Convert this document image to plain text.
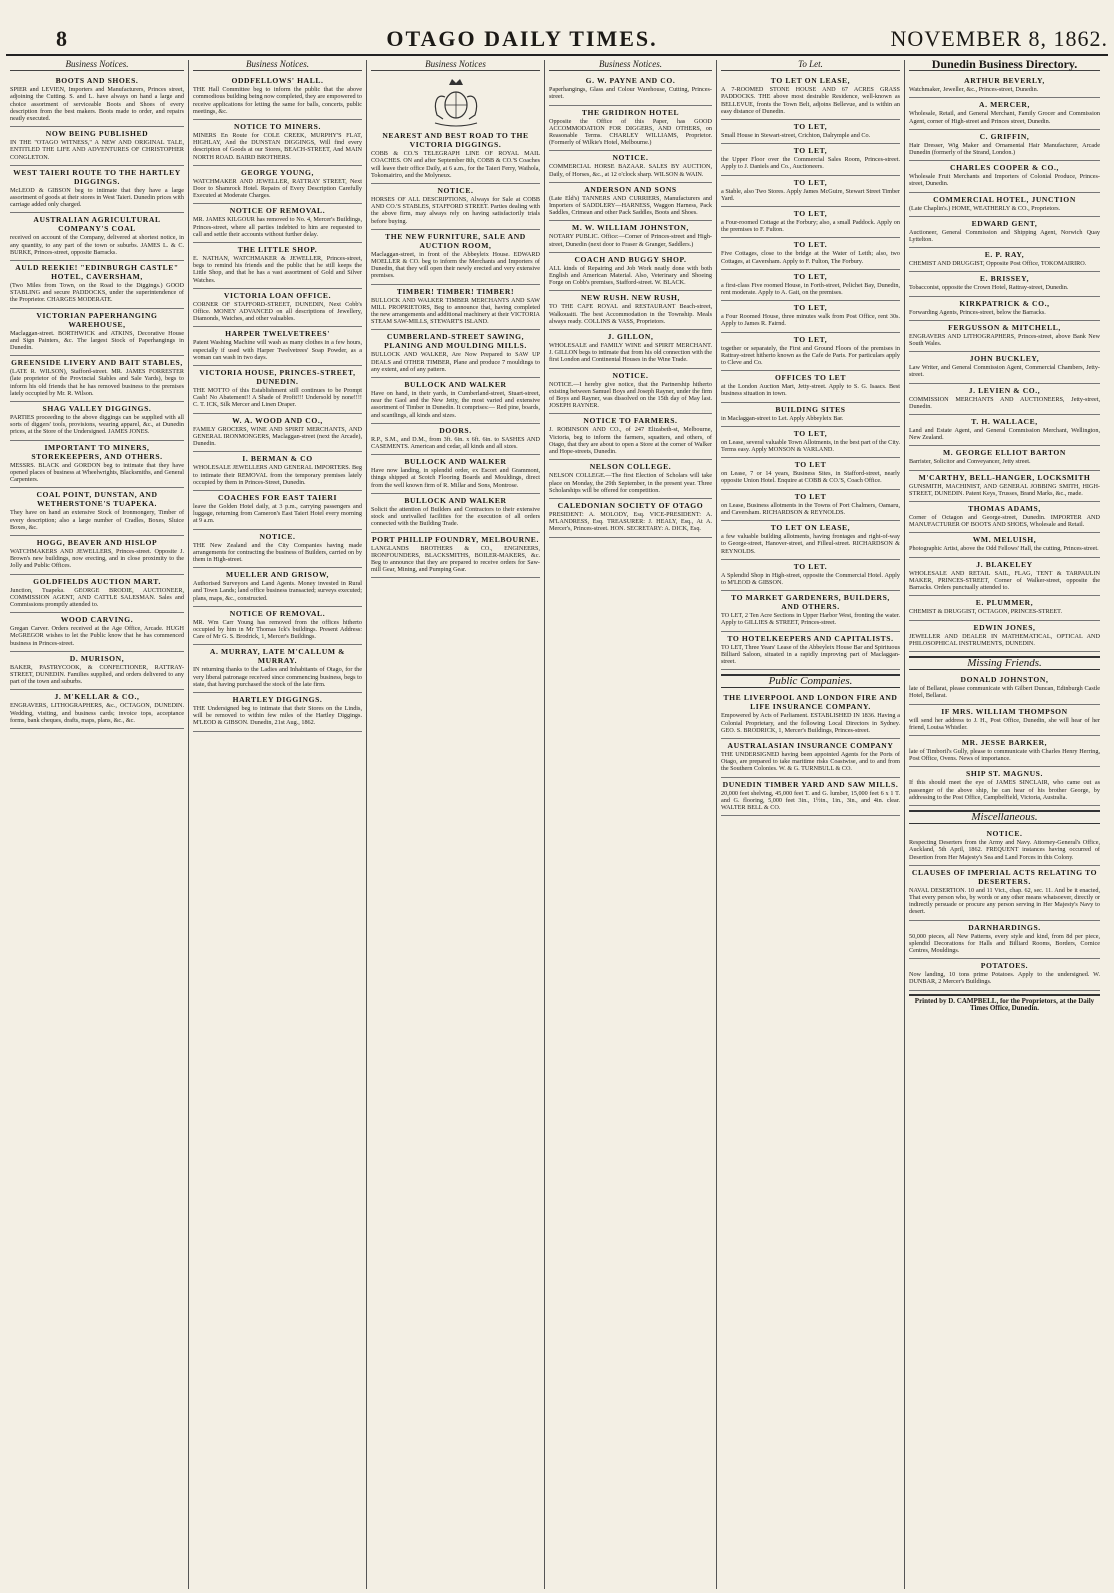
8	OTAGO DAILY TIMES.	NOVEMBER 8, 1862.
Business Notices.
BOOTS AND SHOES.
SPIER and LEVIEN, Importers and Manufacturers, Princes street, adjoining the Cutting. S. and L. have always on hand a large and choice assortment of serviceable Boots and Shoes of every description from the best makers. Boots made to order, and repairs neatly executed.
NOW BEING PUBLISHED
IN THE "OTAGO WITNESS," A NEW AND ORIGINAL TALE, ENTITLED THE LIFE AND ADVENTURES OF CHRISTOPHER CONGLETON.
WEST TAIERI ROUTE TO THE HARTLEY DIGGINGS.
McLEOD & GIBSON beg to intimate that they have a large assortment of goods at their stores in West Taieri. Dunedin prices with carriage added only charged.
AUSTRALIAN AGRICULTURAL COMPANY'S COAL
received on account of the Company, delivered at shortest notice, in any quantity, to any part of the town or suburbs. JAMES L. & C. BURKE, Princes-street, opposite Barracks.
AULD REEKIE! "EDINBURGH CASTLE" HOTEL, CAVERSHAM,
(Two Miles from Town, on the Road to the Diggings.) GOOD STABLING and secure PADDOCKS, under the superintendence of the Proprietor. CHARGES MODERATE.
VICTORIAN PAPERHANGING WAREHOUSE,
Maclaggan-street. BORTHWICK and ATKINS, Decorative House and Sign Painters, &c. The largest Stock of Paperhangings in Dunedin.
GREENSIDE LIVERY AND BAIT STABLES,
(LATE R. WILSON), Stafford-street. MR. JAMES FORRESTER (late proprietor of the Provincial Stables and Sale Yards), begs to inform his old friends that he has removed business to the premises lately occupied by Mr. R. Wilson.
SHAG VALLEY DIGGINGS.
PARTIES proceeding to the above diggings can be supplied with all sorts of diggers' tools, provisions, wearing apparel, &c., at Dunedin prices, at the Store of the Undersigned. JAMES JONES.
IMPORTANT TO MINERS, STOREKEEPERS, AND OTHERS.
MESSRS. BLACK and GORDON beg to intimate that they have opened places of business at Wheelwrights, Blacksmiths, and General Carpenters.
COAL POINT, DUNSTAN, AND WETHERSTONE'S TUAPEKA.
They have on hand an extensive Stock of Ironmongery, Timber of every description; also a large number of Cradles, Boxes, Sluice Boxes, &c.
HOGG, BEAVER AND HISLOP
WATCHMAKERS AND JEWELLERS, Princes-street. Opposite J. Brown's new buildings, now erecting, and in close proximity to the Jolly and Public Offices.
GOLDFIELDS AUCTION MART.
Junction, Tuapeka. GEORGE BRODIE, AUCTIONEER, COMMISSION AGENT, AND CATTLE SALESMAN. Sales and Commissions promptly attended to.
WOOD CARVING.
Gregan Carver. Orders received at the Age Office, Arcade. HUGH McGREGOR wishes to let the Public know that he has commenced business in Princes-street.
D. MURISON,
BAKER, PASTRYCOOK, & CONFECTIONER, RATTRAY-STREET, DUNEDIN. Families supplied, and orders delivered to any part of the town and suburbs.
J. M'KELLAR & CO.,
ENGRAVERS, LITHOGRAPHERS, &c., OCTAGON, DUNEDIN. Wedding, visiting, and business cards; invoice tops, acceptance forms, bank cheques, drafts, maps, plans, &c., &c.
Business Notices.
ODDFELLOWS' HALL.
THE Hall Committee beg to inform the public that the above commodious building being now completed, they are empowered to receive applications for letting the same for balls, concerts, public meetings, &c.
NOTICE TO MINERS.
MINERS En Route for COLE CREEK, MURPHY'S FLAT, HIGHLAY, And the DUNSTAN DIGGINGS, Will find every description of Goods at our Stores, BEACH-STREET, And MAIN NORTH ROAD. BAIRD BROTHERS.
GEORGE YOUNG,
WATCHMAKER AND JEWELLER, RATTRAY STREET, Next Door to Shamrock Hotel. Repairs of Every Description Carefully Executed at Moderate Charges.
NOTICE OF REMOVAL.
MR. JAMES KILGOUR has removed to No. 4, Mercer's Buildings, Princes-street, where all parties indebted to him are requested to call and settle their accounts without further delay.
THE LITTLE SHOP.
E. NATHAN, WATCHMAKER & JEWELLER, Princes-street, begs to remind his friends and the public that he still keeps the Little Shop, and that he has a vast assortment of Gold and Silver Watches.
VICTORIA LOAN OFFICE.
CORNER OF STAFFORD-STREET, DUNEDIN, Next Cobb's Office. MONEY ADVANCED on all descriptions of Jewellery, Diamonds, Watches, and other valuables.
HARPER TWELVETREES'
Patent Washing Machine will wash as many clothes in a few hours, especially if used with Harper Twelvetrees' Soap Powder, as a woman can wash in two days.
VICTORIA HOUSE, PRINCES-STREET, DUNEDIN.
THE MOTTO of this Establishment still continues to be Prompt Cash! No Abatement!! A Shade of Profit!!! Undersold by none!!!! C. T. ICK, Silk Mercer and Linen Draper.
W. A. WOOD AND CO.,
FAMILY GROCERS, WINE AND SPIRIT MERCHANTS, AND GENERAL IRONMONGERS, Maclaggan-street (next the Arcade), Dunedin.
I. BERMAN & CO
WHOLESALE JEWELLERS AND GENERAL IMPORTERS. Beg to intimate their REMOVAL from the temporary premises lately occupied by them in Princes-Street, Dunedin.
COACHES FOR EAST TAIERI
leave the Golden Hotel daily, at 3 p.m., carrying passengers and luggage, returning from Cameron's East Taieri Hotel every morning at 9 a.m.
NOTICE.
THE New Zealand and the City Companies having made arrangements for contracting the business of Builders, carried on by them in High-street.
MUELLER AND GRISOW,
Authorised Surveyors and Land Agents. Money invested in Rural and Town Lands; land office business transacted; surveys executed; plans, maps, &c., constructed.
NOTICE OF REMOVAL.
MR. Wm Carr Young has removed from the offices hitherto occupied by him in Mr Thomas Ick's buildings. Present Address: Care of Mr G. S. Brodrick, 1, Mercer's Buildings.
A. MURRAY, LATE M'CALLUM & MURRAY.
IN returning thanks to the Ladies and Inhabitants of Otago, for the very liberal patronage received since commencing business, begs to state, that having purchased the stock of the late firm.
HARTLEY DIGGINGS.
THE Undersigned beg to intimate that their Stores on the Lindis, will be removed to within few miles of the Hartley Diggings. M'LEOD & GIBSON. Dunedin, 21st Aug., 1862.
Business Notices
NEAREST AND BEST ROAD TO THE VICTORIA DIGGINGS.
COBB & CO.'S TELEGRAPH LINE OF ROYAL MAIL COACHES. ON and after September 8th, COBB & CO.'S Coaches will leave their office Daily, at 6 a.m., for the Taieri Ferry, Waihola, Tokomairiro, and the Molyneux.
NOTICE.
HORSES OF ALL DESCRIPTIONS, Always for Sale at COBB AND CO.'S STABLES, STAFFORD STREET. Parties dealing with the above firm, may always rely on having satisfactorily trials before buying.
THE NEW FURNITURE, SALE AND AUCTION ROOM,
Maclaggan-street, in front of the Abbeyleix House. EDWARD MOELLER & CO. beg to inform the Merchants and Importers of Dunedin, that they will open their newly erected and very extensive premises.
TIMBER! TIMBER! TIMBER!
BULLOCK AND WALKER TIMBER MERCHANTS AND SAW MILL PROPRIETORS, Beg to announce that, having completed the new arrangements and additional machinery at their VICTORIA STEAM SAW-MILLS, STEWART'S ISLAND.
CUMBERLAND-STREET SAWING, PLANING AND MOULDING MILLS.
BULLOCK AND WALKER, Are Now Prepared to SAW UP DEALS and OTHER TIMBER, Plane and produce 7 mouldings to any extent, and of any pattern.
BULLOCK AND WALKER
Have on hand, in their yards, in Cumberland-street, Stuart-street, near the Gaol and the New Jetty, the most varied and extensive assortment of Timber in Dunedin. It comprises:— Red pine, boards, and scantlings, all kinds and sizes.
DOORS.
R.P., S.M., and D.M., from 3ft. 6in. x 6ft. 6in. to SASHES AND CASEMENTS. American and cedar, all kinds and all sizes.
BULLOCK AND WALKER
Have now landing, in splendid order, ex Escort and Grammont, things shipped at Scotch Flooring Boards and Mouldings, direct from the well known firm of R. Millar and Sons, Montrose.
BULLOCK AND WALKER
Solicit the attention of Builders and Contractors to their extensive stock and unrivalled facilities for the execution of all orders connected with the Building Trade.
PORT PHILLIP FOUNDRY, MELBOURNE.
LANGLANDS BROTHERS & CO., ENGINEERS, IRONFOUNDERS, BLACKSMITHS, BOILER-MAKERS, &c. Beg to announce that they are prepared to receive orders for Saw-mill Gear, Mining, and Pumping Gear.
Business Notices.
G. W. PAYNE AND CO.
Paperhangings, Glass and Colour Warehouse, Cutting, Princes-street.
THE GRIDIRON HOTEL
Opposite the Office of this Paper, has GOOD ACCOMMODATION FOR DIGGERS, AND OTHERS, on Reasonable Terms. CHARLEY WILLIAMS, Proprietor. (Formerly of Wilkie's Hotel, Melbourne.)
NOTICE.
COMMERCIAL HORSE BAZAAR. SALES BY AUCTION, Daily, of Horses, &c., at 12 o'clock sharp. WILSON & WAIN.
ANDERSON AND SONS
(Late Eld's) TANNERS AND CURRIERS, Manufacturers and Importers of SADDLERY—HARNESS, Waggon Harness, Pack Saddles, Crimean and other Pack Saddles, Boots and Shoes.
M. W. WILLIAM JOHNSTON,
NOTARY PUBLIC. Office:—Corner of Princes-street and High-street, Dunedin (next door to Fraser & Granger, Saddlers.)
COACH AND BUGGY SHOP.
ALL kinds of Repairing and Job Work neatly done with both English and American Material. Also, Veterinary and Shoeing Forge on Cobb's premises, Stafford-street. W. BLACK.
NEW RUSH. NEW RUSH,
TO THE CAFE ROYAL and RESTAURANT Beach-street, Walkouaiti. The best Accommodation in the Township. Meals always ready. COLLINS & VASS, Proprietors.
J. GILLON,
WHOLESALE and FAMILY WINE and SPIRIT MERCHANT. J. GILLON begs to intimate that from his old connection with the first London and Continental Houses in the Wine Trade.
NOTICE.
NOTICE.—I hereby give notice, that the Partnership hitherto existing between Samuel Boys and Joseph Rayner, under the firm of Boys and Rayner, was dissolved on the 15th day of May last. JOSEPH RAYNER.
NOTICE TO FARMERS.
J. ROBINSON AND CO., of 247 Elizabeth-st, Melbourne, Victoria, beg to inform the farmers, squatters, and others, of Otago, that they are about to open a Store at the corner of Walker and Hope-streets, Dunedin.
NELSON COLLEGE.
NELSON COLLEGE.—The first Election of Scholars will take place on Monday, the 29th September, in the present year. Three Scholarships will be offered for competition.
CALEDONIAN SOCIETY OF OTAGO
PRESIDENT: A. MOLODY, Esq. VICE-PRESIDENT: A. M'LANDRESS, Esq. TREASURER: J. HEALY, Esq., At A. Mercer's, Princes-street. HON. SECRETARY: A. DICK, Esq.
To Let.
TO LET ON LEASE,
A 7-ROOMED STONE HOUSE AND 67 ACRES GRASS PADDOCKS. THE above most desirable Residence, well-known as BELLEVUE, fronts the Town Belt, adjoins Bellevue, and is within an easy distance of Dunedin.
TO LET,
Small House in Stewart-street, Crichton, Dalrymple and Co.
TO LET,
the Upper Floor over the Commercial Sales Room, Princes-street. Apply to J. Daniels and Co., Auctioneers.
TO LET,
a Stable, also Two Stores. Apply James McGuire, Stewart Street Timber Yard.
TO LET,
a Four-roomed Cottage at the Forbury; also, a small Paddock. Apply on the premises to F. Fulton.
TO LET.
Five Cottages, close to the bridge at the Water of Leith; also, two Cottages, at Caversham. Apply to F. Fulton, The Forbury.
TO LET,
a first-class Five roomed House, in Forth-street, Pelichet Bay, Dunedin, rent moderate. Apply to A. Gait, on the premises.
TO LET,
a Four Roomed House, three minutes walk from Post Office, rent 30s. Apply to James R. Fairnd.
TO LET,
together or separately, the First and Ground Floors of the premises in Rattray-street hitherto known as the Cafe de Paris. For particulars apply to Cleve and Co.
OFFICES TO LET
at the London Auction Mart, Jetty-street. Apply to S. G. Isaacs. Best business situation in town.
BUILDING SITES
in Maclaggan-street to Let. Apply Abbeyleix Bar.
TO LET,
on Lease, several valuable Town Allotments, in the best part of the City. Terms easy. Apply MONSON & VARLAND.
TO LET
on Lease, 7 or 14 years, Business Sites, in Stafford-street, nearly opposite Union Hotel. Enquire at COBB & CO.'S, Coach Office.
TO LET
on Lease, Business allotments in the Towns of Port Chalmers, Oamaru, and Caversham. RICHARDSON & REYNOLDS.
TO LET ON LEASE,
a few valuable building allotments, having frontages and right-of-way to George-street, Hanover-street, and Filleul-street. RICHARDSON & REYNOLDS.
TO LET.
A Splendid Shop in High-street, opposite the Commercial Hotel. Apply to M'LEOD & GIBSON.
TO MARKET GARDENERS, BUILDERS, AND OTHERS.
TO LET, 2 Ten Acre Sections in Upper Harbor West, fronting the water. Apply to GILLIES & STREET, Princes-street.
TO HOTELKEEPERS AND CAPITALISTS.
TO LET, Three Years' Lease of the Abbeyleix House Bar and Spirituous Billiard Saloon, situated in a rapidly improving part of Maclaggan-street.
Public Companies.
THE LIVERPOOL AND LONDON FIRE AND LIFE INSURANCE COMPANY.
Empowered by Acts of Parliament. ESTABLISHED IN 1836. Having a Colonial Proprietary, and the following Local Directors in Sydney. GEO. S. BRODRICK, 1, Mercer's Buildings, Princes-street.
AUSTRALASIAN INSURANCE COMPANY
THE UNDERSIGNED having been appointed Agents for the Ports of Otago, are prepared to take maritime risks Coastwise, and to and from the Southern Colonies. W. & G. TURNBULL & CO.
DUNEDIN TIMBER YARD AND SAW MILLS.
20,000 feet shelving, 45,000 feet T. and G. lumber, 15,000 feet 6 x 1 T. and G. flooring, 5,000 feet 3in., 1½in., 1in., 3in., and 4in. clear. WALTER BELL & CO.
Dunedin Business Directory.
ARTHUR BEVERLY,
Watchmaker, Jeweller, &c., Princes-street, Dunedin.
A. MERCER,
Wholesale, Retail, and General Merchant, Family Grocer and Commission Agent, corner of High-street and Princes street, Dunedin.
C. GRIFFIN,
Hair Dresser, Wig Maker and Ornamental Hair Manufacturer, Arcade Dunedin (formerly of the Strand, London.)
CHARLES COOPER & CO.,
Wholesale Fruit Merchants and Importers of Colonial Produce, Princes-street, Dunedin.
COMMERCIAL HOTEL, JUNCTION
(Late Chaplin's.) HOME, WEATHERLY & CO., Proprietors.
EDWARD GENT,
Auctioneer, General Commission and Shipping Agent, Norwich Quay Lyttelton.
E. P. RAY,
CHEMIST AND DRUGGIST, Opposite Post Office, TOKOMAIRIRO.
E. BRISSEY,
Tobacconist, opposite the Crown Hotel, Rattray-street, Dunedin.
KIRKPATRICK & CO.,
Forwarding Agents, Princes-street, below the Barracks.
FERGUSSON & MITCHELL,
ENGRAVERS AND LITHOGRAPHERS, Princes-street, above Bank New South Wales.
JOHN BUCKLEY,
Law Writer, and General Commission Agent, Commercial Chambers, Jetty-street.
J. LEVIEN & CO.,
COMMISSION MERCHANTS AND AUCTIONEERS, Jetty-street, Dunedin.
T. H. WALLACE,
Land and Estate Agent, and General Commission Merchant, Wellington, New Zealand.
M. GEORGE ELLIOT BARTON
Barrister, Solicitor and Conveyancer, Jetty street.
M'CARTHY, BELL-HANGER, LOCKSMITH
GUNSMITH, MACHINIST, AND GENERAL JOBBING SMITH, HIGH-STREET, DUNEDIN. Patent Keys, Trusses, Brand Marks, &c., made.
THOMAS ADAMS,
Corner of Octagon and George-street, Dunedin. IMPORTER AND MANUFACTURER OF BOOTS AND SHOES, Wholesale and Retail.
WM. MELUISH,
Photographic Artist, above the Odd Fellows' Hall, the cutting, Princes-street.
J. BLAKELEY
WHOLESALE AND RETAIL SAIL, FLAG, TENT & TARPAULIN MAKER, PRINCES-STREET, Corner of Walker-street, opposite the Barracks. Orders punctually attended to.
E. PLUMMER,
CHEMIST & DRUGGIST, OCTAGON, PRINCES-STREET.
EDWIN JONES,
JEWELLER AND DEALER IN MATHEMATICAL, OPTICAL AND PHILOSOPHICAL INSTRUMENTS, DUNEDIN.
Missing Friends.
DONALD JOHNSTON,
late of Bellarat, please communicate with Gilbert Duncan, Edinburgh Castle Hotel, Bellarat.
IF MRS. WILLIAM THOMPSON
will send her address to J. H., Post Office, Dunedin, she will hear of her friend, Louisa Whistler.
MR. JESSE BARKER,
late of Timboril's Gully, please to communicate with Charles Henry Herring, Post Office, Ovens. News of importance.
SHIP ST. MAGNUS.
If this should meet the eye of JAMES SINCLAIR, who came out as passenger of the above ship, he can hear of his brother George, by addressing to the Post Office, Campbelfield, Victoria, Australia.
Miscellaneous.
NOTICE.
Respecting Deserters from the Army and Navy. Attorney-General's Office, Auckland, 5th April, 1862. FREQUENT instances having occurred of Desertion from Her Majesty's Sea and Land Forces in this Colony.
CLAUSES OF IMPERIAL ACTS RELATING TO DESERTERS.
NAVAL DESERTION. 10 and 11 Vict., chap. 62, sec. 11. And be it enacted, That every person who, by words or any other means whatsoever, directly or indirectly persuade or procure any person serving in Her Majesty's Navy to desert.
DARNHARDINGS.
50,000 pieces, all New Patterns, every style and kind, from 8d per piece, splendid Decorations for Halls and Billiard Rooms, Borders, Cornice Centres, Mouldings.
POTATOES.
Now landing, 10 tons prime Potatoes. Apply to the undersigned. W. DUNBAR, 2 Mercer's Buildings.
Printed by D. CAMPBELL, for the Proprietors, at the Daily Times Office, Dunedin.
